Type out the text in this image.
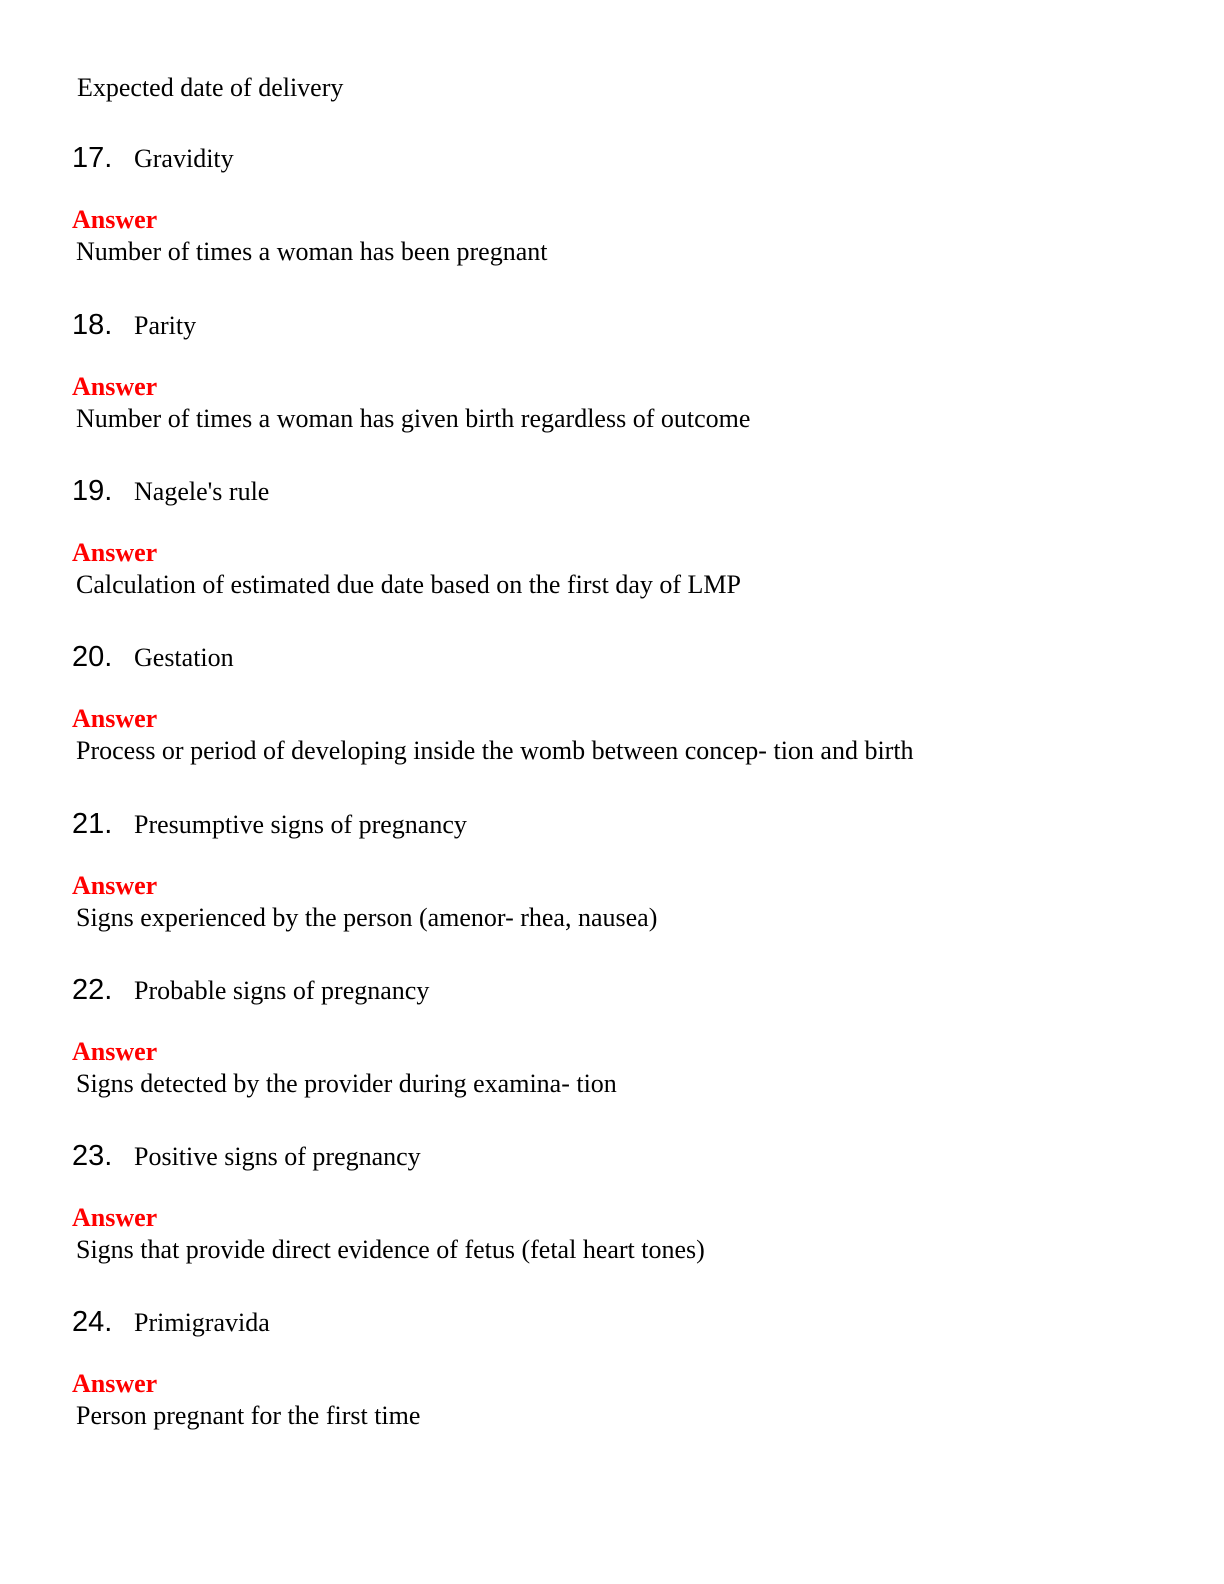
Expected date of delivery
17. Gravidity
Answer
Number of times a woman has been pregnant
18. Parity
Answer
Number of times a woman has given birth regardless of outcome
19. Nagele's rule
Answer
Calculation of estimated due date based on the first day of LMP
20. Gestation
Answer
Process or period of developing inside the womb between concep- tion and birth
21. Presumptive signs of pregnancy
Answer
Signs experienced by the person (amenor- rhea, nausea)
22. Probable signs of pregnancy
Answer
Signs detected by the provider during examina- tion
23. Positive signs of pregnancy
Answer
Signs that provide direct evidence of fetus (fetal heart tones)
24. Primigravida
Answer
Person pregnant for the first time
